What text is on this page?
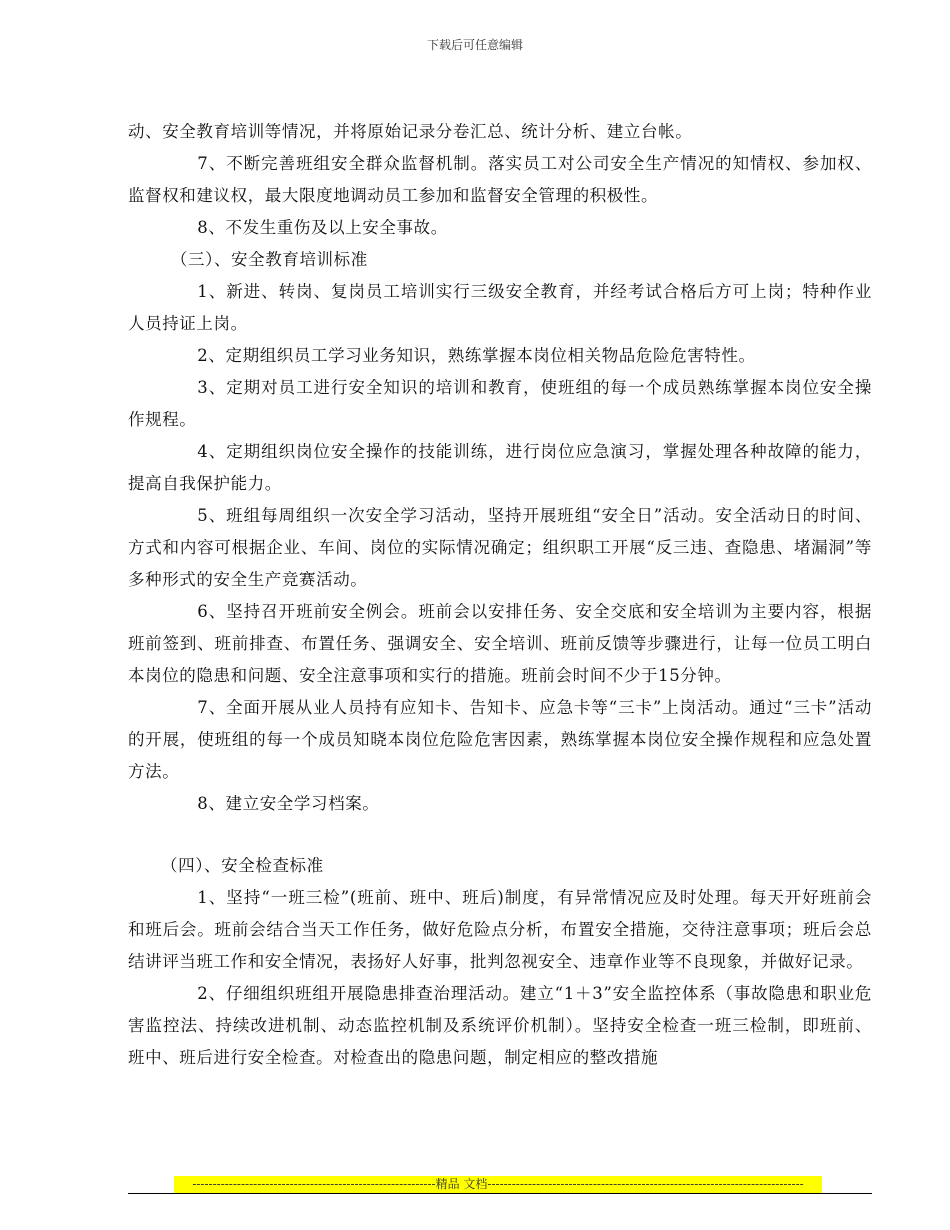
下载后可任意编辑

动、安全教育培训等情况，并将原始记录分卷汇总、统计分析、建立台帐。

7、不断完善班组安全群众监督机制。落实员工对公司安全生产情况的知情权、参加权、监督权和建议权，最大限度地调动员工参加和监督安全管理的积极性。

8、不发生重伤及以上安全事故。

（三）、安全教育培训标准

1、新进、转岗、复岗员工培训实行三级安全教育，并经考试合格后方可上岗；特种作业人员持证上岗。

2、定期组织员工学习业务知识，熟练掌握本岗位相关物品危险危害特性。

3、定期对员工进行安全知识的培训和教育，使班组的每一个成员熟练掌握本岗位安全操作规程。

4、定期组织岗位安全操作的技能训练，进行岗位应急演习，掌握处理各种故障的能力，提高自我保护能力。

5、班组每周组织一次安全学习活动，坚持开展班组“安全日”活动。安全活动日的时间、方式和内容可根据企业、车间、岗位的实际情况确定；组织职工开展“反三违、查隐患、堵漏洞”等多种形式的安全生产竞赛活动。

6、坚持召开班前安全例会。班前会以安排任务、安全交底和安全培训为主要内容，根据班前签到、班前排查、布置任务、强调安全、安全培训、班前反馈等步骤进行，让每一位员工明白本岗位的隐患和问题、安全注意事项和实行的措施。班前会时间不少于15分钟。

7、全面开展从业人员持有应知卡、告知卡、应急卡等“三卡”上岗活动。通过“三卡”活动的开展，使班组的每一个成员知晓本岗位危险危害因素，熟练掌握本岗位安全操作规程和应急处置方法。

8、建立安全学习档案。

（四）、安全检查标准

1、坚持“一班三检”(班前、班中、班后)制度，有异常情况应及时处理。每天开好班前会和班后会。班前会结合当天工作任务，做好危险点分析，布置安全措施，交待注意事项；班后会总结讲评当班工作和安全情况，表扬好人好事，批判忽视安全、违章作业等不良现象，并做好记录。

2、仔细组织班组开展隐患排查治理活动。建立“1＋3”安全监控体系（事故隐患和职业危害监控法、持续改进机制、动态监控机制及系统评价机制）。坚持安全检查一班三检制，即班前、班中、班后进行安全检查。对检查出的隐患问题，制定相应的整改措施

------------------------------------------------------------精品 文档------------------------------------------------------------------------------
